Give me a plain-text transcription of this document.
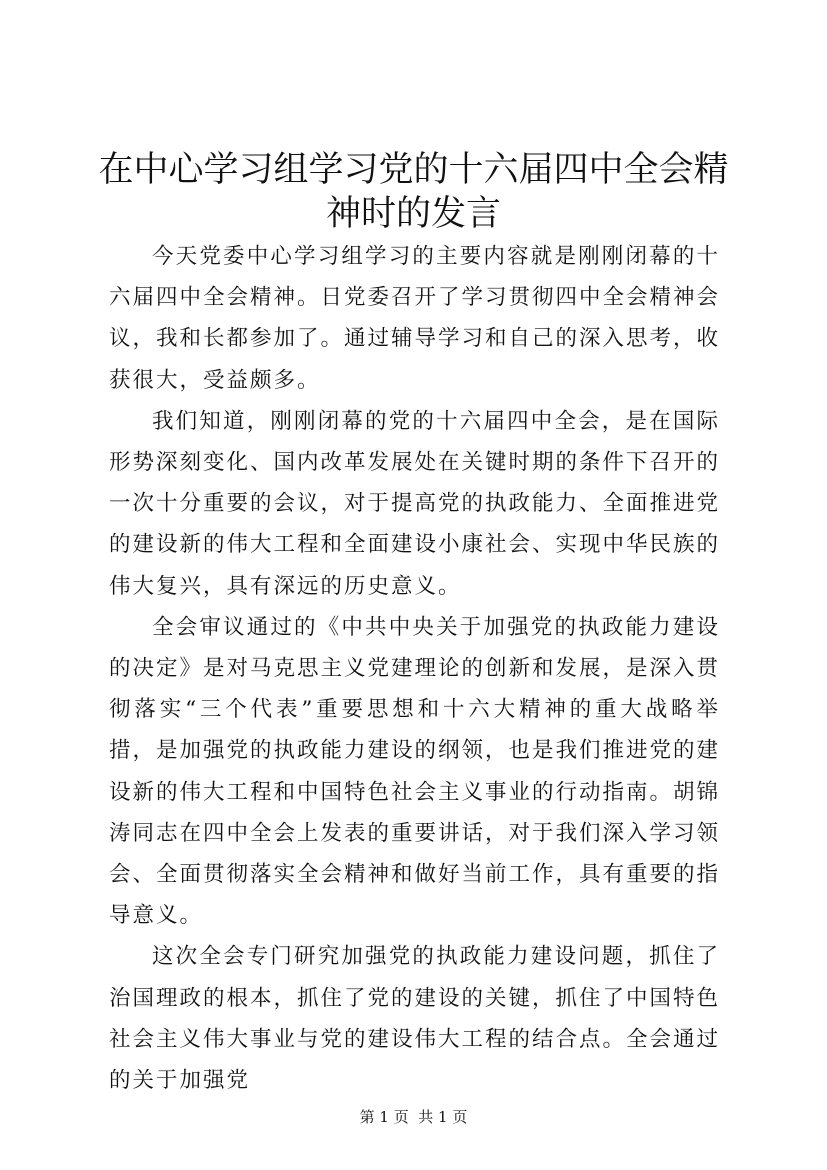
在中心学习组学习党的十六届四中全会精神时的发言

今天党委中心学习组学习的主要内容就是刚刚闭幕的十六届四中全会精神。日党委召开了学习贯彻四中全会精神会议，我和长都参加了。通过辅导学习和自己的深入思考，收获很大，受益颇多。

我们知道，刚刚闭幕的党的十六届四中全会，是在国际形势深刻变化、国内改革发展处在关键时期的条件下召开的一次十分重要的会议，对于提高党的执政能力、全面推进党的建设新的伟大工程和全面建设小康社会、实现中华民族的伟大复兴，具有深远的历史意义。

全会审议通过的《中共中央关于加强党的执政能力建设的决定》是对马克思主义党建理论的创新和发展，是深入贯彻落实“三个代表”重要思想和十六大精神的重大战略举措，是加强党的执政能力建设的纲领，也是我们推进党的建设新的伟大工程和中国特色社会主义事业的行动指南。胡锦涛同志在四中全会上发表的重要讲话，对于我们深入学习领会、全面贯彻落实全会精神和做好当前工作，具有重要的指导意义。

这次全会专门研究加强党的执政能力建设问题，抓住了治国理政的根本，抓住了党的建设的关键，抓住了中国特色社会主义伟大事业与党的建设伟大工程的结合点。全会通过的关于加强党

第 1 页  共 1 页
